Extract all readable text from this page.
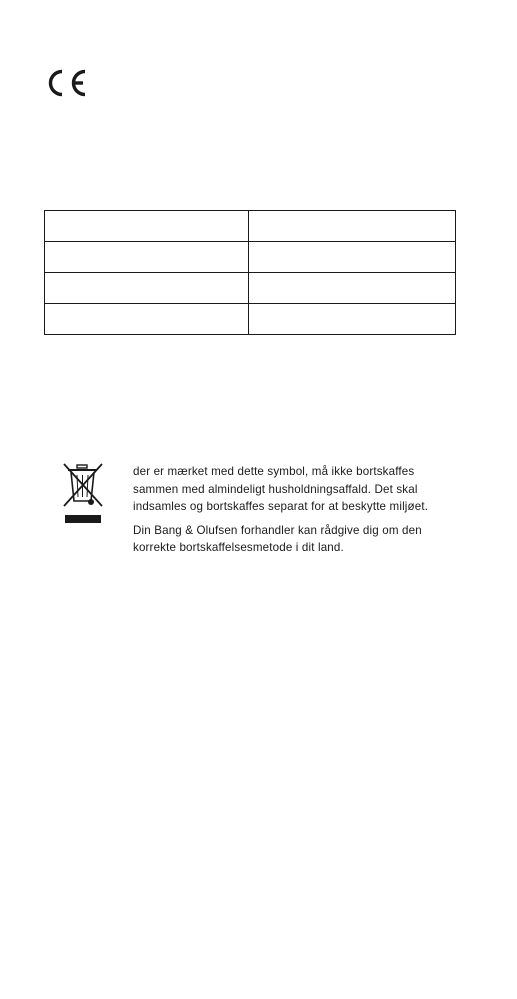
der er mærket med dette symbol, må ikke bortskaffes

sammen med almindeligt husholdningsaffald. Det skal

indsamles og bortskaffes separat for at beskytte miljøet.

Din Bang & Olufsen forhandler kan rådgive dig om den

korrekte bortskaffelsesmetode i dit land.
